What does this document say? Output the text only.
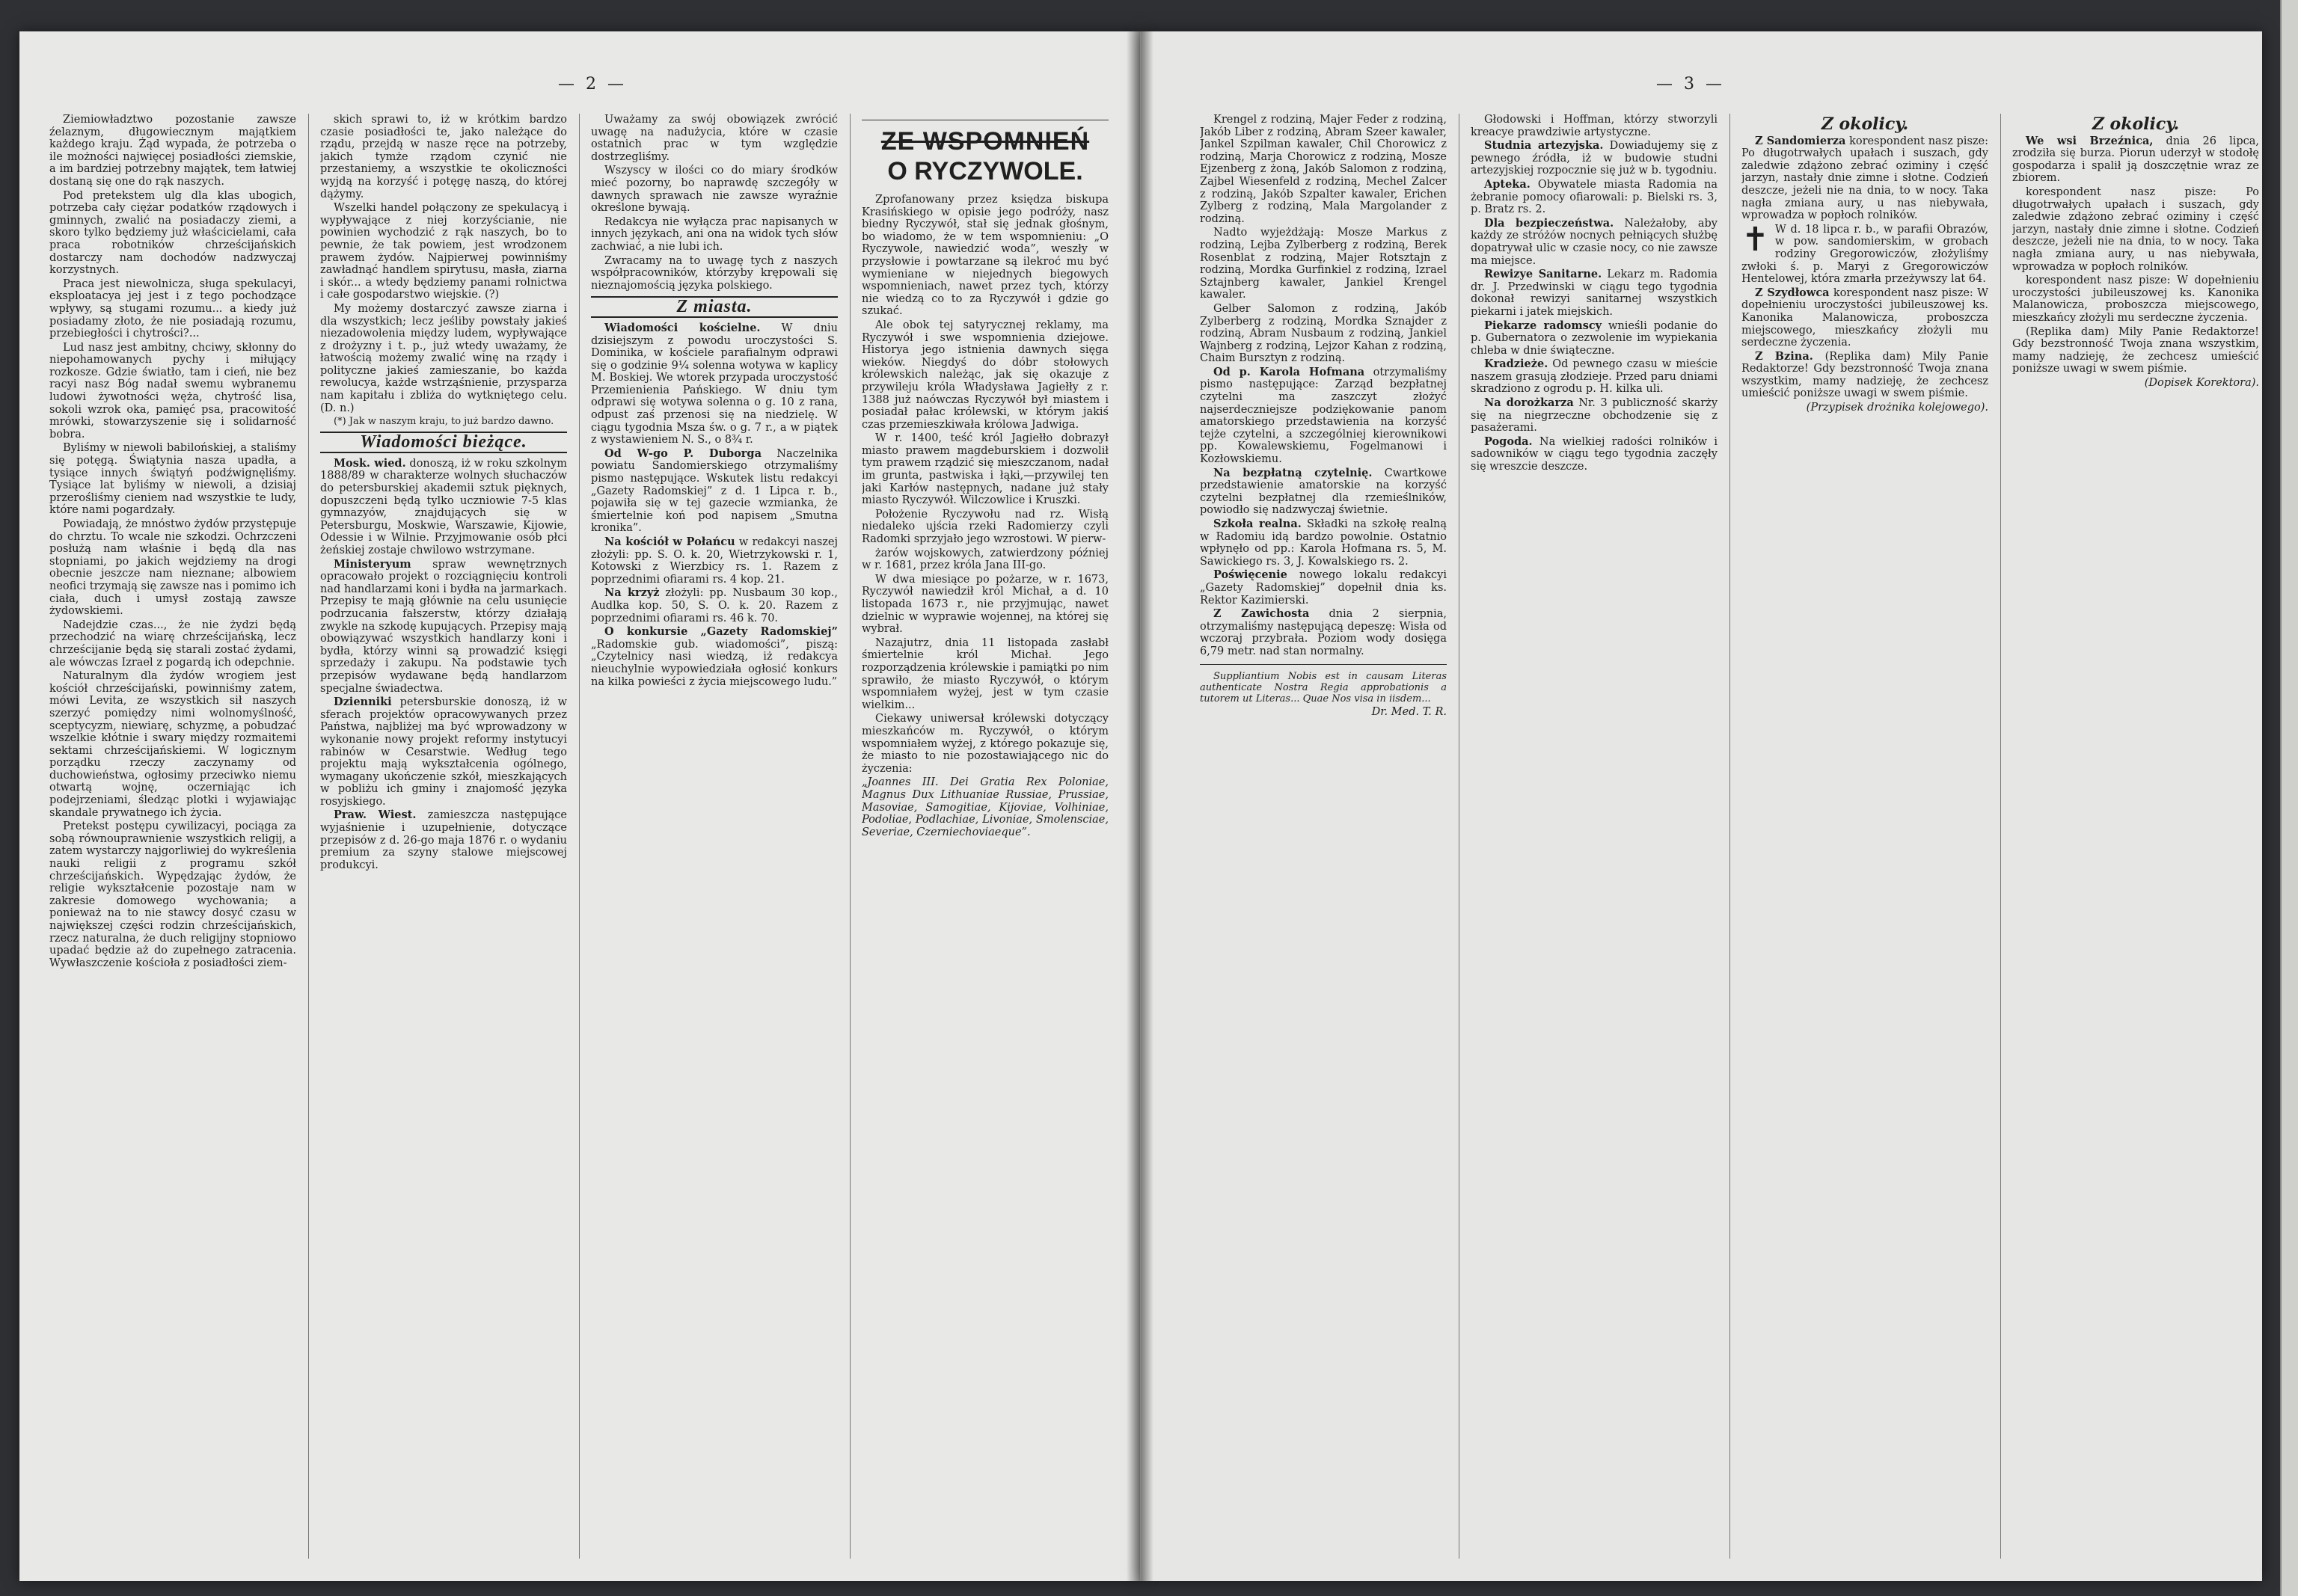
— 2 —

Ziemiowładztwo pozostanie zawsze źelaznym, długowiecznym majątkiem każdego kraju. Żąd wypada, że potrzeba o ile możności najwięcej posiadłości ziemskie, a im bardziej potrzebny majątek, tem łatwiej dostaną się one do rąk naszych.

Pod pretekstem ulg dla klas ubogich, potrzeba cały ciężar podatków rządowych i gminnych, zwalić na posiadaczy ziemi, a skoro tylko będziemy już właścicielami, cała praca robotników chrześcijańskich dostarczy nam dochodów nadzwyczaj korzystnych.

Praca jest niewolnicza, sługa spekulacyi, eksploatacya jej jest i z tego pochodzące wpływy, są stugami rozumu... a kiedy już posiadamy złoto, że nie posiadają rozumu, przebiegłości i chytrości?...

Lud nasz jest ambitny, chciwy, skłonny do niepohamowanych pychy i miłujący rozkosze. Gdzie światło, tam i cień, nie bez racyi nasz Bóg nadał swemu wybranemu ludowi żywotności węża, chytrość lisa, sokoli wzrok oka, pamięć psa, pracowitość mrówki, stowarzyszenie się i solidarność bobra.

Byliśmy w niewoli babilońskiej, a staliśmy się potęgą. Świątynia nasza upadła, a tysiące innych świątyń podźwignęliśmy. Tysiące lat byliśmy w niewoli, a dzisiaj przerośliśmy cieniem nad wszystkie te ludy, które nami pogardzały.

Powiadają, że mnóstwo żydów przystępuje do chrztu. To wcale nie szkodzi. Ochrzczeni posłużą nam właśnie i będą dla nas stopniami, po jakich wejdziemy na drogi obecnie jeszcze nam nieznane; albowiem neofici trzymają się zawsze nas i pomimo ich ciała, duch i umysł zostają zawsze żydowskiemi.

Nadejdzie czas..., że nie żydzi będą przechodzić na wiarę chrześcijańską, lecz chrześcijanie będą się starali zostać żydami, ale wówczas Izrael z pogardą ich odepchnie.

Naturalnym dla żydów wrogiem jest kościół chrześcijański, powinniśmy zatem, mówi Levita, ze wszystkich sił naszych szerzyć pomiędzy nimi wolnomyślność, sceptycyzm, niewiarę, schyzmę, a pobudzać wszelkie kłótnie i swary między rozmaitemi sektami chrześcijańskiemi. W logicznym porządku rzeczy zaczynamy od duchowieństwa, ogłosimy przeciwko niemu otwartą wojnę, oczerniając ich podejrzeniami, śledząc plotki i wyjawiając skandale prywatnego ich życia.

Pretekst postępu cywilizacyi, pociąga za sobą równouprawnienie wszystkich religij, a zatem wystarczy najgorliwiej do wykreślenia nauki religii z programu szkół chrześcijańskich. Wypędzając żydów, że religie wykształcenie pozostaje nam w zakresie domowego wychowania; a ponieważ na to nie stawcy dosyć czasu w największej części rodzin chrześcijańskich, rzecz naturalna, że duch religijny stopniowo upadać będzie aż do zupełnego zatracenia. Wywłaszczenie kościoła z posiadłości ziem-

skich sprawi to, iż w krótkim bardzo czasie posiadłości te, jako należące do rządu, przejdą w nasze ręce na potrzeby, jakich tymże rządom czynić nie przestaniemy, a wszystkie te okoliczności wyjdą na korzyść i potęgę naszą, do której dążymy.

Wszelki handel połączony ze spekulacyą i wypływające z niej korzyścianie, nie powinien wychodzić z rąk naszych, bo to pewnie, że tak powiem, jest wrodzonem prawem żydów. Najpierwej powinniśmy zawładnąć handlem spirytusu, masła, ziarna i skór... a wtedy będziemy panami rolnictwa i całe gospodarstwo wiejskie. (?)

My możemy dostarczyć zawsze ziarna i dla wszystkich; lecz jeśliby powstały jakieś niezadowolenia między ludem, wypływające z drożyzny i t. p., już wtedy uważamy, że łatwością możemy zwalić winę na rządy i polityczne jakieś zamieszanie, bo każda rewolucya, każde wstrząśnienie, przysparza nam kapitału i zbliża do wytkniętego celu. (D. n.)

(*) Jak w naszym kraju, to już bardzo dawno.

Wiadomości bieżące.

Mosk. wied. donoszą, iż w roku szkolnym 1888/89 w charakterze wolnych słuchaczów do petersburskiej akademii sztuk pięknych, dopuszczeni będą tylko uczniowie 7-5 klas gymnazyów, znajdujących się w Petersburgu, Moskwie, Warszawie, Kijowie, Odessie i w Wilnie. Przyjmowanie osób płci żeńskiej zostaje chwilowo wstrzymane.

Ministeryum spraw wewnętrznych opracowało projekt o rozciągnięciu kontroli nad handlarzami koni i bydła na jarmarkach. Przepisy te mają głównie na celu usunięcie podrzucania fałszerstw, którzy działają zwykle na szkodę kupujących. Przepisy mają obowiązywać wszystkich handlarzy koni i bydła, którzy winni są prowadzić księgi sprzedaży i zakupu. Na podstawie tych przepisów wydawane będą handlarzom specjalne świadectwa.

Dzienniki petersburskie donoszą, iż w sferach projektów opracowywanych przez Państwa, najbliżej ma być wprowadzony w wykonanie nowy projekt reformy instytucyi rabinów w Cesarstwie. Według tego projektu mają wykształcenia ogólnego, wymagany ukończenie szkół, mieszkających w pobliżu ich gminy i znajomość języka rosyjskiego.

Praw. Wiest. zamieszcza następujące wyjaśnienie i uzupełnienie, dotyczące przepisów z d. 26-go maja 1876 r. o wydaniu premium za szyny stalowe miejscowej produkcyi.

Uważamy za swój obowiązek zwrócić uwagę na nadużycia, które w czasie ostatnich prac w tym względzie dostrzegliśmy.

Wszyscy w ilości co do miary środków mieć pozorny, bo naprawdę szczegóły w dawnych sprawach nie zawsze wyraźnie określone bywają.

Redakcya nie wyłącza prac napisanych w innych językach, ani ona na widok tych słów zachwiać, a nie lubi ich.

Zwracamy na to uwagę tych z naszych współpracowników, którzyby krępowali się nieznajomością języka polskiego.

Z miasta.

Wiadomości kościelne. W dniu dzisiejszym z powodu uroczystości S. Dominika, w kościele parafialnym odprawi się o godzinie 9¼ solenna wotywa w kaplicy M. Boskiej. We wtorek przypada uroczystość Przemienienia Pańskiego. W dniu tym odprawi się wotywa solenna o g. 10 z rana, odpust zaś przenosi się na niedzielę. W ciągu tygodnia Msza św. o g. 7 r., a w piątek z wystawieniem N. S., o 8¾ r.

Od W-go P. Duborga Naczelnika powiatu Sandomierskiego otrzymaliśmy pismo następujące. Wskutek listu redakcyi „Gazety Radomskiej” z d. 1 Lipca r. b., pojawiła się w tej gazecie wzmianka, że śmiertelnie koń pod napisem „Smutna kronika”.

Na kościół w Połańcu w redakcyi naszej złożyli: pp. S. O. k. 20, Wietrzykowski r. 1, Kotowski z Wierzbicy rs. 1. Razem z poprzednimi ofiarami rs. 4 kop. 21.

Na krzyż złożyli: pp. Nusbaum 30 kop., Audlka kop. 50, S. O. k. 20. Razem z poprzednimi ofiarami rs. 46 k. 70.

O konkursie „Gazety Radomskiej” „Radomskie gub. wiadomości”, piszą: „Czytelnicy nasi wiedzą, iż redakcya nieuchylnie wypowiedziała ogłosić konkurs na kilka powieści z życia miejscowego ludu.”

ZE WSPOMNIEŃ
O RYCZYWOLE.

Zprofanowany przez księdza biskupa Krasińskiego w opisie jego podróży, nasz biedny Ryczywół, stał się jednak głośnym, bo wiadomo, że w tem wspomnieniu: „O Ryczywole, nawiedzić woda”, weszły w przysłowie i powtarzane są ilekroć mu być wymieniane w niejednych biegowych wspomnieniach, nawet przez tych, którzy nie wiedzą co to za Ryczywół i gdzie go szukać.

Ale obok tej satyrycznej reklamy, ma Ryczywół i swe wspomnienia dziejowe. Historya jego istnienia dawnych sięga wieków. Niegdyś do dóbr stołowych królewskich należąc, jak się okazuje z przywileju króla Władysława Jagiełły z r. 1388 już naówczas Ryczywół był miastem i posiadał pałac królewski, w którym jakiś czas przemieszkiwała królowa Jadwiga.

W r. 1400, teść król Jagiełło dobrazył miasto prawem magdeburskiem i dozwolił tym prawem rządzić się mieszczanom, nadał im grunta, pastwiska i łąki,—przywilej ten jaki Karłów następnych, nadane już stały miasto Ryczywół. Wilczowlice i Kruszki.

Położenie Ryczywołu nad rz. Wisłą niedaleko ujścia rzeki Radomierzy czyli Radomki sprzyjało jego wzrostowi. W pierw-

żarów wojskowych, zatwierdzony później w r. 1681, przez króla Jana III-go.

W dwa miesiące po pożarze, w r. 1673, Ryczywół nawiedził król Michał, a d. 10 listopada 1673 r., nie przyjmując, nawet dzielnic w wyprawie wojennej, na której się wybrał.

Nazajutrz, dnia 11 listopada zasłabł śmiertelnie król Michał. Jego rozporządzenia królewskie i pamiątki po nim sprawiło, że miasto Ryczywół, o którym wspomniałem wyżej, jest w tym czasie wielkim...

Ciekawy uniwersał królewski dotyczący mieszkańców m. Ryczywół, o którym wspomniałem wyżej, z którego pokazuje się, że miasto to nie pozostawiającego nic do życzenia:

„Joannes III. Dei Gratia Rex Poloniae, Magnus Dux Lithuaniae Russiae, Prussiae, Masoviae, Samogitiae, Kijoviae, Volhiniae, Podoliae, Podlachiae, Livoniae, Smolensciae, Severiae, Czerniechoviaeque”.

— 3 —

Krengel z rodziną, Majer Feder z rodziną, Jakób Liber z rodziną, Abram Szeer kawaler, Jankel Szpilman kawaler, Chil Chorowicz z rodziną, Marja Chorowicz z rodziną, Mosze Ejzenberg z żoną, Jakób Salomon z rodziną, Zajbel Wiesenfeld z rodziną, Mechel Zalcer z rodziną, Jakób Szpalter kawaler, Erichen Zylberg z rodziną, Mala Margolander z rodziną.

Nadto wyjeżdżają: Mosze Markus z rodziną, Lejba Zylberberg z rodziną, Berek Rosenblat z rodziną, Majer Rotsztajn z rodziną, Mordka Gurfinkiel z rodziną, Izrael Sztajnberg kawaler, Jankiel Krengel kawaler.

Gelber Salomon z rodziną, Jakób Zylberberg z rodziną, Mordka Sznajder z rodziną, Abram Nusbaum z rodziną, Jankiel Wajnberg z rodziną, Lejzor Kahan z rodziną, Chaim Bursztyn z rodziną.

Od p. Karola Hofmana otrzymaliśmy pismo następujące: Zarząd bezpłatnej czytelni ma zaszczyt złożyć najserdeczniejsze podziękowanie panom amatorskiego przedstawienia na korzyść tejże czytelni, a szczególniej kierownikowi pp. Kowalewskiemu, Fogelmanowi i Kozłowskiemu.

Na bezpłatną czytelnię. Cwartkowe przedstawienie amatorskie na korzyść czytelni bezpłatnej dla rzemieślników, powiodło się nadzwyczaj świetnie.

Szkoła realna. Składki na szkołę realną w Radomiu idą bardzo powolnie. Ostatnio wpłynęło od pp.: Karola Hofmana rs. 5, M. Sawickiego rs. 3, J. Kowalskiego rs. 2.

Poświęcenie nowego lokalu redakcyi „Gazety Radomskiej” dopełnił dnia ks. Rektor Kazimierski.

Z Zawichosta dnia 2 sierpnia, otrzymaliśmy następującą depeszę: Wisła od wczoraj przybrała. Poziom wody dosięga 6,79 metr. nad stan normalny.

Suppliantium Nobis est in causam Literas authenticate Nostra Regia approbationis a tutorem ut Literas... Quae Nos visa in iisdem...

Dr. Med. T. R.

Głodowski i Hoffman, którzy stworzyli kreacye prawdziwie artystyczne.

Studnia artezyjska. Dowiadujemy się z pewnego źródła, iż w budowie studni artezyjskiej rozpocznie się już w b. tygodniu.

Apteka. Obywatele miasta Radomia na żebranie pomocy ofiarowali: p. Bielski rs. 3, p. Bratz rs. 2.

Dla bezpieczeństwa. Należałoby, aby każdy ze stróżów nocnych pełniących służbę dopatrywał ulic w czasie nocy, co nie zawsze ma miejsce.

Rewizye Sanitarne. Lekarz m. Radomia dr. J. Przedwinski w ciągu tego tygodnia dokonał rewizyi sanitarnej wszystkich piekarni i jatek miejskich.

Piekarze radomscy wnieśli podanie do p. Gubernatora o zezwolenie im wypiekania chleba w dnie świąteczne.

Kradzieże. Od pewnego czasu w mieście naszem grasują złodzieje. Przed paru dniami skradziono z ogrodu p. H. kilka uli.

Na dorożkarza Nr. 3 publiczność skarży się na niegrzeczne obchodzenie się z pasażerami.

Pogoda. Na wielkiej radości rolników i sadowników w ciągu tego tygodnia zaczęły się wreszcie deszcze.

Z okolicy.

Z Sandomierza korespondent nasz pisze: Po długotrwałych upałach i suszach, gdy zaledwie zdążono zebrać oziminy i część jarzyn, nastały dnie zimne i słotne. Codzień deszcze, jeżeli nie na dnia, to w nocy. Taka nagła zmiana aury, u nas niebywała, wprowadza w popłoch rolników.

✝ W d. 18 lipca r. b., w parafii Obrazów, w pow. sandomierskim, w grobach rodziny Gregorowiczów, złożyliśmy zwłoki ś. p. Maryi z Gregorowiczów Hentelowej, która zmarła przeżywszy lat 64.

Z Szydłowca korespondent nasz pisze: W dopełnieniu uroczystości jubileuszowej ks. Kanonika Malanowicza, proboszcza miejscowego, mieszkańcy złożyli mu serdeczne życzenia.

Z Bzina. (Replika dam) Mily Panie Redaktorze! Gdy bezstronność Twoja znana wszystkim, mamy nadzieję, że zechcesz umieścić poniższe uwagi w swem piśmie.

(Przypisek drożnika kolejowego).
Z okolicy.

We wsi Brzeźnica, dnia 26 lipca, zrodziła się burza. Piorun uderzył w stodołę gospodarza i spalił ją doszczętnie wraz ze zbiorem.

korespondent nasz pisze: Po długotrwałych upałach i suszach, gdy zaledwie zdążono zebrać oziminy i część jarzyn, nastały dnie zimne i słotne. Codzień deszcze, jeżeli nie na dnia, to w nocy. Taka nagła zmiana aury, u nas niebywała, wprowadza w popłoch rolników.

korespondent nasz pisze: W dopełnieniu uroczystości jubileuszowej ks. Kanonika Malanowicza, proboszcza miejscowego, mieszkańcy złożyli mu serdeczne życzenia.

(Replika dam) Mily Panie Redaktorze! Gdy bezstronność Twoja znana wszystkim, mamy nadzieję, że zechcesz umieścić poniższe uwagi w swem piśmie.

(Dopisek Korektora).
